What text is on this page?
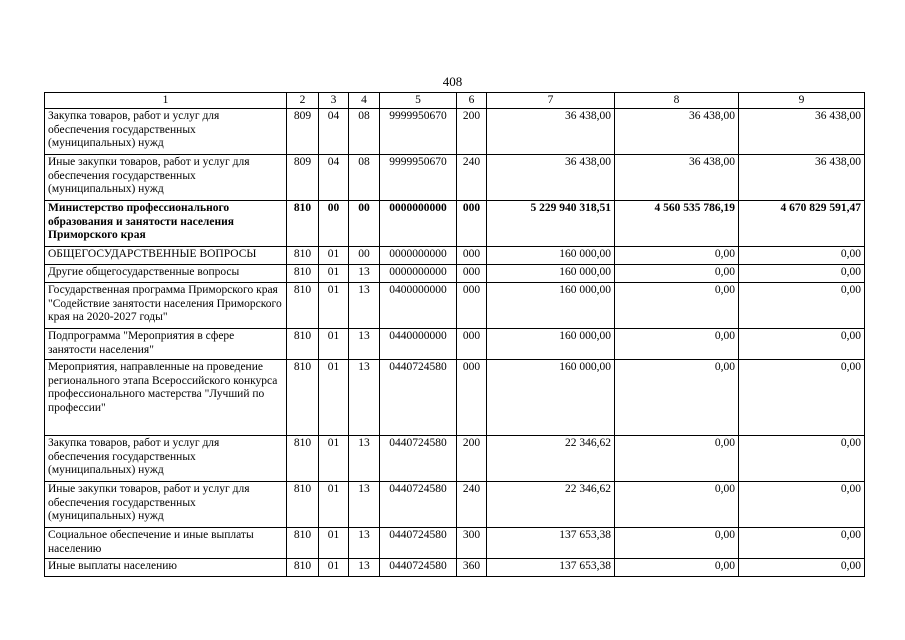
408
1	2	3	4	5	6	7	8	9
Закупка товаров, работ и услуг для обеспечения государственных (муниципальных) нужд	809	04	08	9999950670	200	36 438,00	36 438,00	36 438,00
Иные закупки товаров, работ и услуг для обеспечения государственных (муниципальных) нужд	809	04	08	9999950670	240	36 438,00	36 438,00	36 438,00
Министерство профессионального образования и занятости населения Приморского края	810	00	00	0000000000	000	5 229 940 318,51	4 560 535 786,19	4 670 829 591,47
ОБЩЕГОСУДАРСТВЕННЫЕ ВОПРОСЫ	810	01	00	0000000000	000	160 000,00	0,00	0,00
Другие общегосударственные вопросы	810	01	13	0000000000	000	160 000,00	0,00	0,00
Государственная программа Приморского края "Содействие занятости населения Приморского края на 2020-2027 годы"	810	01	13	0400000000	000	160 000,00	0,00	0,00
Подпрограмма "Мероприятия в сфере занятости населения"	810	01	13	0440000000	000	160 000,00	0,00	0,00
Мероприятия, направленные на проведение регионального этапа Всероссийского конкурса профессионального мастерства "Лучший по профессии"	810	01	13	0440724580	000	160 000,00	0,00	0,00
Закупка товаров, работ и услуг для обеспечения государственных (муниципальных) нужд	810	01	13	0440724580	200	22 346,62	0,00	0,00
Иные закупки товаров, работ и услуг для обеспечения государственных (муниципальных) нужд	810	01	13	0440724580	240	22 346,62	0,00	0,00
Социальное обеспечение и иные выплаты населению	810	01	13	0440724580	300	137 653,38	0,00	0,00
Иные выплаты населению	810	01	13	0440724580	360	137 653,38	0,00	0,00
